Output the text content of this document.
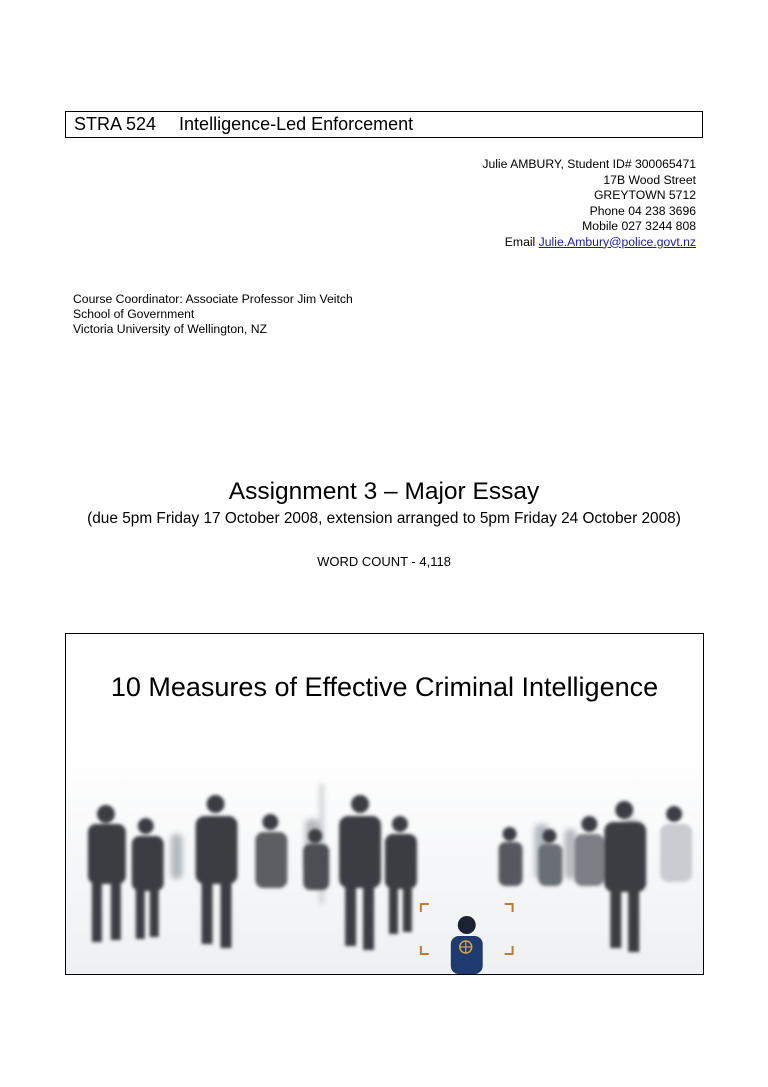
STRA 524 Intelligence-Led Enforcement
Julie AMBURY, Student ID# 300065471
17B Wood Street
GREYTOWN 5712
Phone 04 238 3696
Mobile 027 3244 808
Email Julie.Ambury@police.govt.nz
Course Coordinator: Associate Professor Jim Veitch
School of Government
Victoria University of Wellington, NZ
Assignment 3 – Major Essay
(due 5pm Friday 17 October 2008, extension arranged to 5pm Friday 24 October 2008)
WORD COUNT - 4,118
10 Measures of Effective Criminal Intelligence
